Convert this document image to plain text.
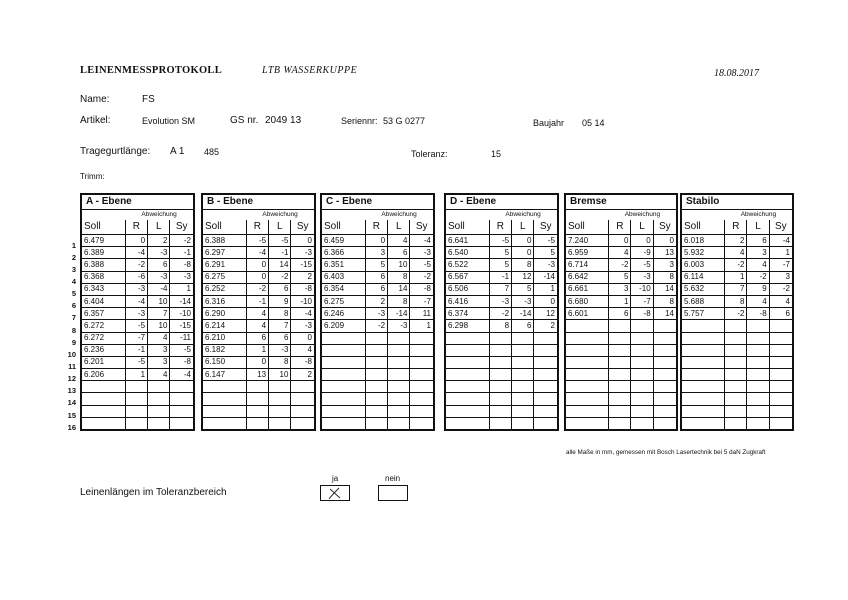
LEINENMESSPROTOKOLL	LTB WASSERKUPPE	18.08.2017
Name:	FS
Artikel:	Evolution SM	GS nr. 2049 13	Seriennr: 53 G 0277	Baujahr 05 14
Tragegurtlänge: A 1 485	Toleranz:	15
Trimm:
1
2
3
4
5
6
7
8
9
10
11
12
13
14
15
16
A - Ebene			
	Abweichung		
Soll	R	L	Sy
6.479	0	2	-2
6.389	-4	-3	-1
6.388	-2	6	-8
6.368	-6	-3	-3
6.343	-3	-4	1
6.404	-4	10	-14
6.357	-3	7	-10
6.272	-5	10	-15
6.272	-7	4	-11
6.236	-1	3	-5
6.201	-5	3	-8
6.206	1	4	-4

B - Ebene			
	Abweichung		
Soll	R	L	Sy
6.388	-5	-5	0
6.297	-4	-1	-3
6.291	0	14	-15
6.275	0	-2	2
6.252	-2	6	-8
6.316	-1	9	-10
6.290	4	8	-4
6.214	4	7	-3
6.210	6	6	0
6.182	1	-3	4
6.150	0	8	-8
6.147	13	10	2

C - Ebene			
	Abweichung		
Soll	R	L	Sy
6.459	0	4	-4
6.366	3	6	-3
6.351	5	10	-5
6.403	6	8	-2
6.354	6	14	-8
6.275	2	8	-7
6.246	-3	-14	11
6.209	-2	-3	1

D - Ebene			
	Abweichung		
Soll	R	L	Sy
6.641	-5	0	-5
6.540	5	0	5
6.522	5	8	-3
6.567	-1	12	-14
6.506	7	5	1
6.416	-3	-3	0
6.374	-2	-14	12
6.298	8	6	2

Bremse			
	Abweichung		
Soll	R	L	Sy
7.240	0	0	0
6.959	4	-9	13
6.714	-2	-5	3
6.642	5	-3	8
6.661	3	-10	14
6.680	1	-7	8
6.601	6	-8	14

Stabilo			
	Abweichung		
Soll	R	L	Sy
6.018	2	6	-4
5.932	4	3	1
6.003	-2	4	-7
6.114	1	-2	3
5.632	7	9	-2
5.688	8	4	4
5.757	-2	-8	6

alle Maße in mm, gemessen mit Bosch Lasertechnik bei 5 daN Zugkraft
ja	nein
Leinenlängen im Toleranzbereich
